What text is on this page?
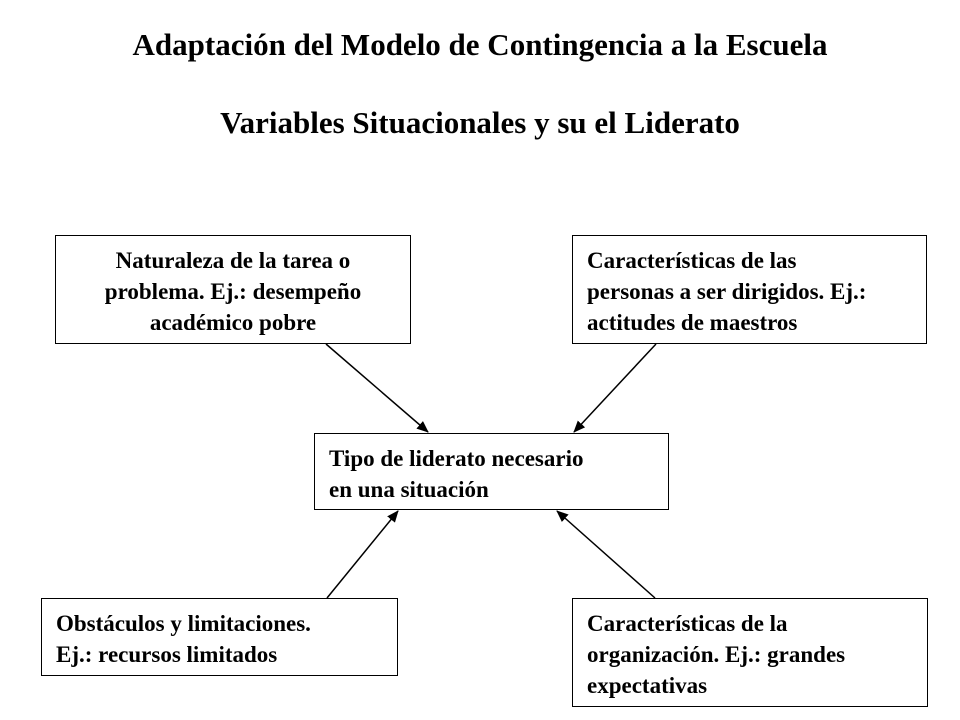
Adaptación del Modelo de Contingencia a la Escuela
Variables Situacionales y su el Liderato
Naturaleza de la tarea o
problema. Ej.: desempeño
académico pobre
Características de las
personas a ser dirigidos. Ej.:
actitudes de maestros
Tipo de liderato necesario
en una situación
Obstáculos y limitaciones.
Ej.: recursos limitados
Características de la
organización. Ej.: grandes
expectativas
